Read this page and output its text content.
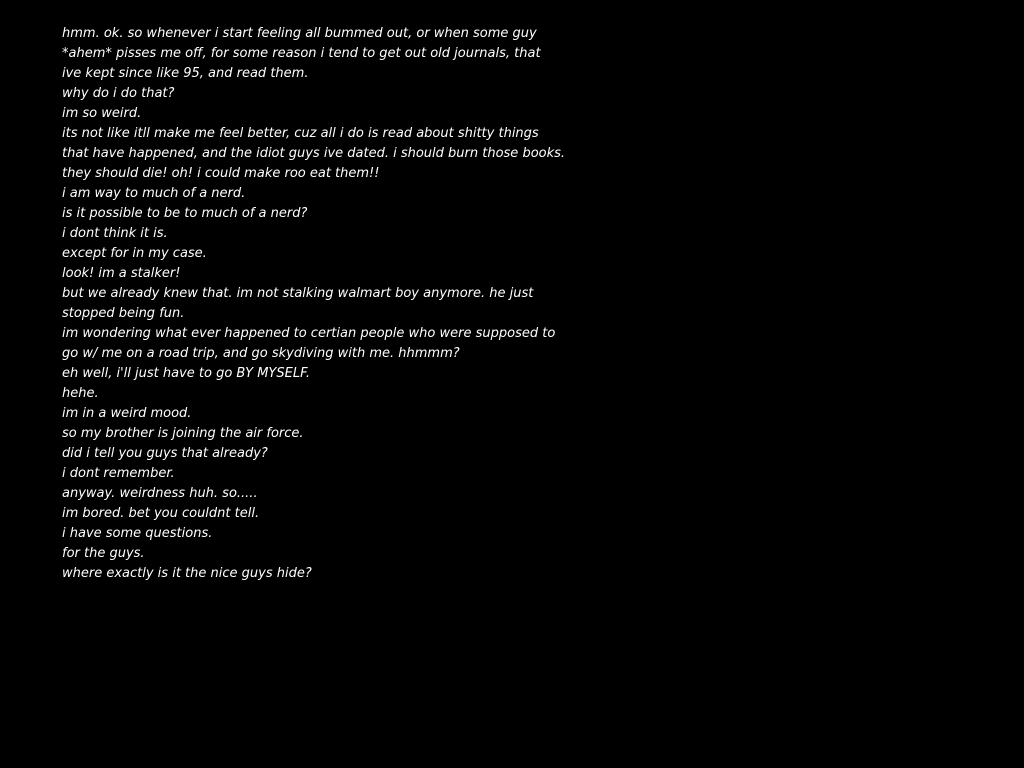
hmm. ok. so whenever i start feeling all bummed out, or when some guy
*ahem* pisses me off, for some reason i tend to get out old journals, that
ive kept since like 95, and read them.
why do i do that?
im so weird.
its not like itll make me feel better, cuz all i do is read about shitty things
that have happened, and the idiot guys ive dated. i should burn those books.
they should die! oh! i could make roo eat them!!
i am way to much of a nerd.
is it possible to be to much of a nerd?
i dont think it is.
except for in my case.
look! im a stalker!
but we already knew that. im not stalking walmart boy anymore. he just
stopped being fun.
im wondering what ever happened to certian people who were supposed to
go w/ me on a road trip, and go skydiving with me. hhmmm?
eh well, i'll just have to go BY MYSELF.
hehe.
im in a weird mood.
so my brother is joining the air force.
did i tell you guys that already?
i dont remember.
anyway. weirdness huh. so.....
im bored. bet you couldnt tell.
i have some questions.
for the guys.
where exactly is it the nice guys hide?
